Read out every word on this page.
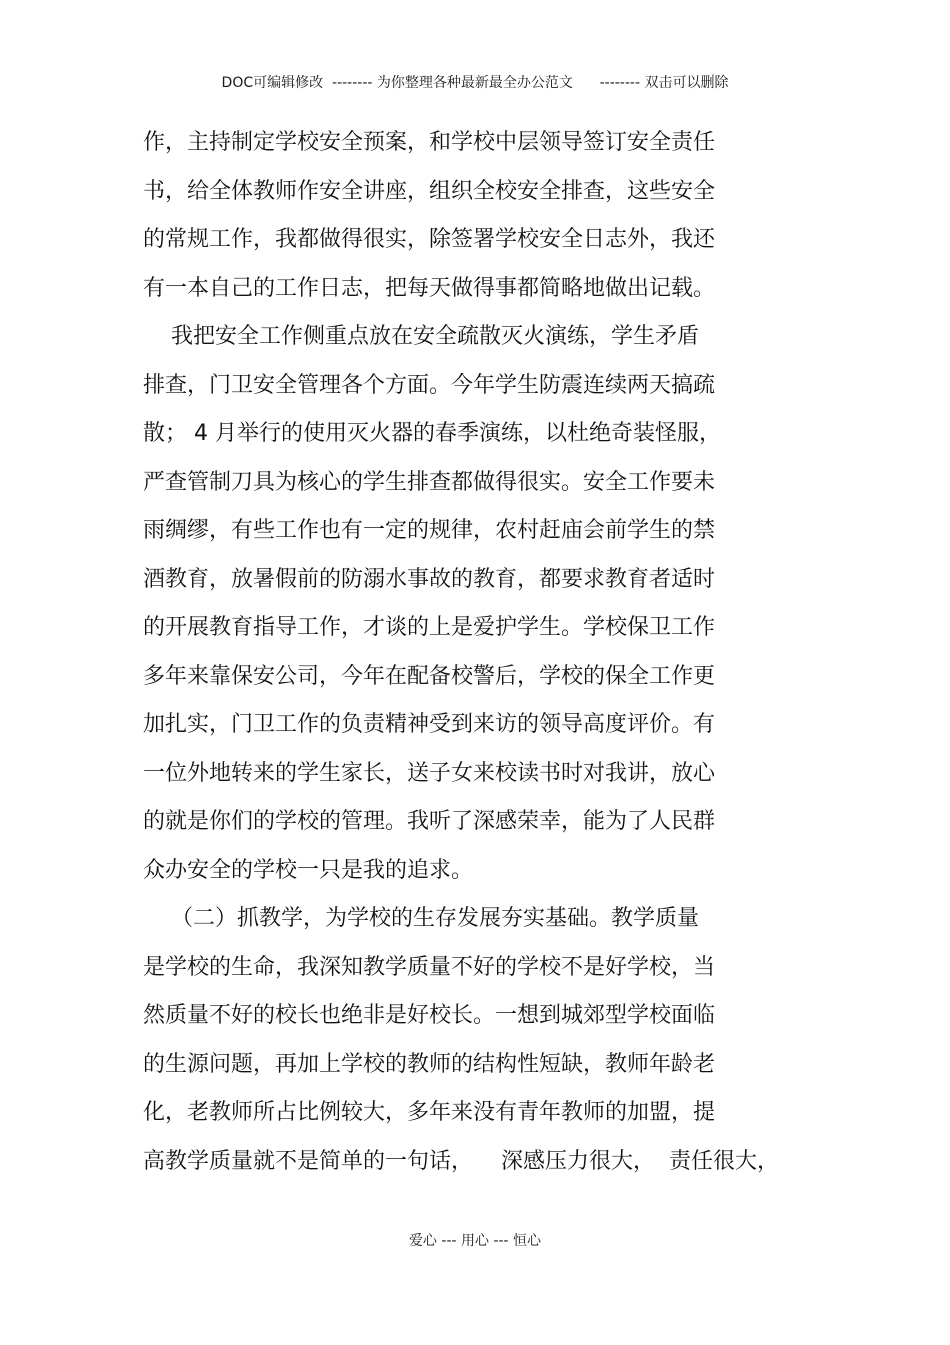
DOC可编辑修改  -------- 为你整理各种最新最全办公范文      -------- 双击可以删除
作，主持制定学校安全预案，和学校中层领导签订安全责任
书，给全体教师作安全讲座，组织全校安全排查，这些安全
的常规工作，我都做得很实，除签署学校安全日志外，我还
有一本自己的工作日志，把每天做得事都简略地做出记载。
我把安全工作侧重点放在安全疏散灭火演练，学生矛盾
排查，门卫安全管理各个方面。今年学生防震连续两天搞疏
散； 4 月举行的使用灭火器的春季演练，以杜绝奇装怪服，
严查管制刀具为核心的学生排查都做得很实。安全工作要未
雨绸缪，有些工作也有一定的规律，农村赶庙会前学生的禁
酒教育，放暑假前的防溺水事故的教育，都要求教育者适时
的开展教育指导工作，才谈的上是爱护学生。学校保卫工作
多年来靠保安公司，今年在配备校警后，学校的保全工作更
加扎实，门卫工作的负责精神受到来访的领导高度评价。有
一位外地转来的学生家长，送子女来校读书时对我讲，放心
的就是你们的学校的管理。我听了深感荣幸，能为了人民群
众办安全的学校一只是我的追求。
（二）抓教学，为学校的生存发展夯实基础。教学质量
是学校的生命，我深知教学质量不好的学校不是好学校，当
然质量不好的校长也绝非是好校长。一想到城郊型学校面临
的生源问题，再加上学校的教师的结构性短缺，教师年龄老
化，老教师所占比例较大，多年来没有青年教师的加盟，提
高教学质量就不是简单的一句话，    深感压力很大，  责任很大，
爱心 --- 用心 --- 恒心
